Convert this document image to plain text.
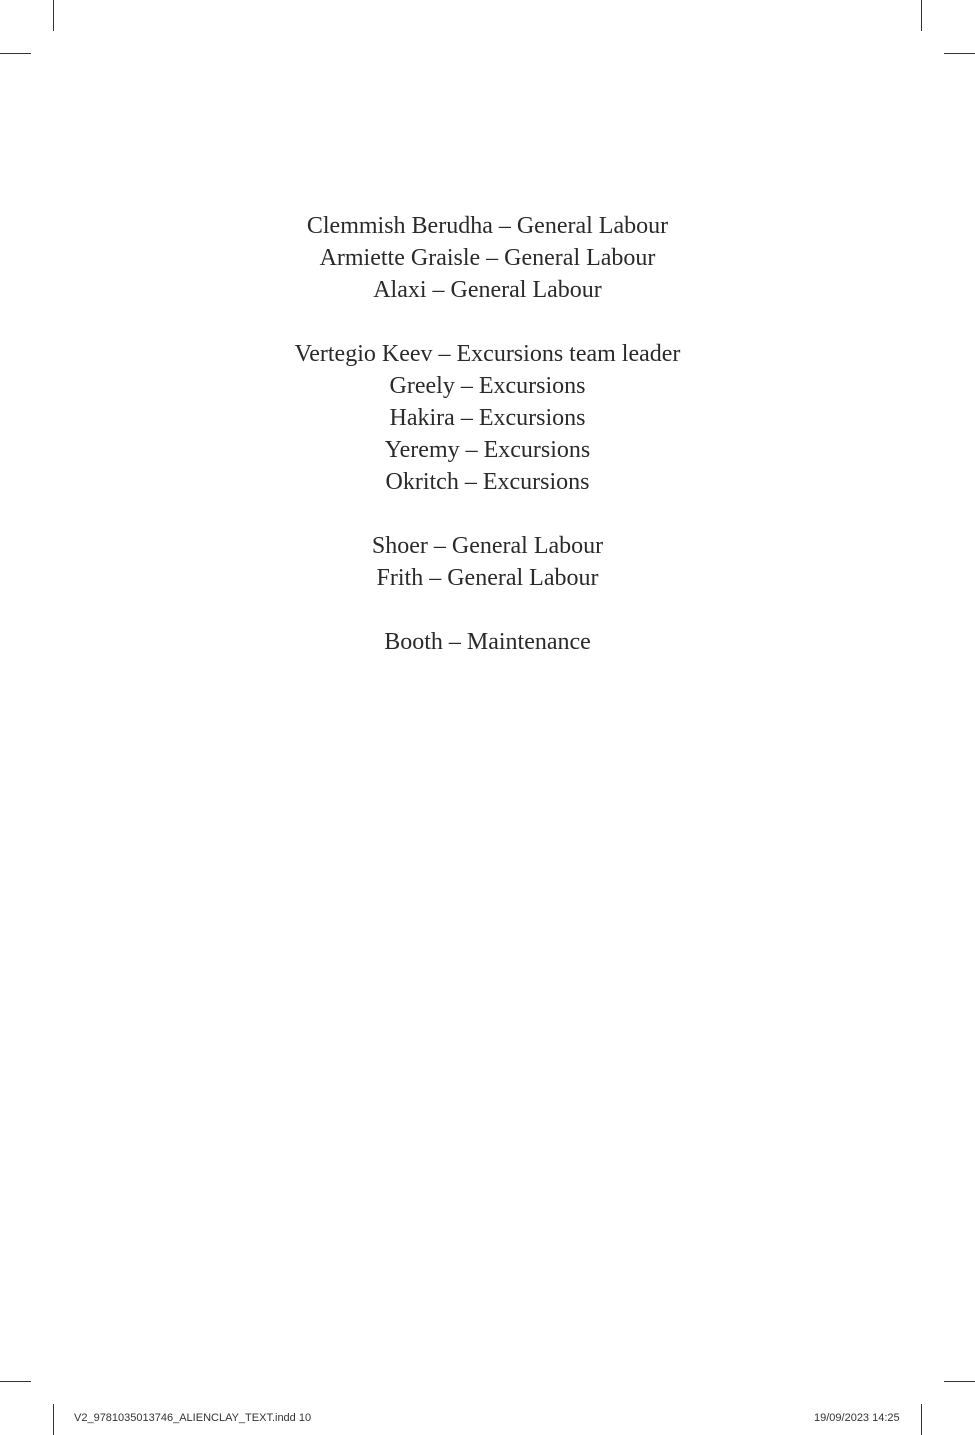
Clemmish Berudha – General Labour
Armiette Graisle – General Labour
Alaxi – General Labour
Vertegio Keev – Excursions team leader
Greely – Excursions
Hakira – Excursions
Yeremy – Excursions
Okritch – Excursions
Shoer – General Labour
Frith – General Labour
Booth – Maintenance
V2_9781035013746_ALIENCLAY_TEXT.indd 10	19/09/2023 14:25
